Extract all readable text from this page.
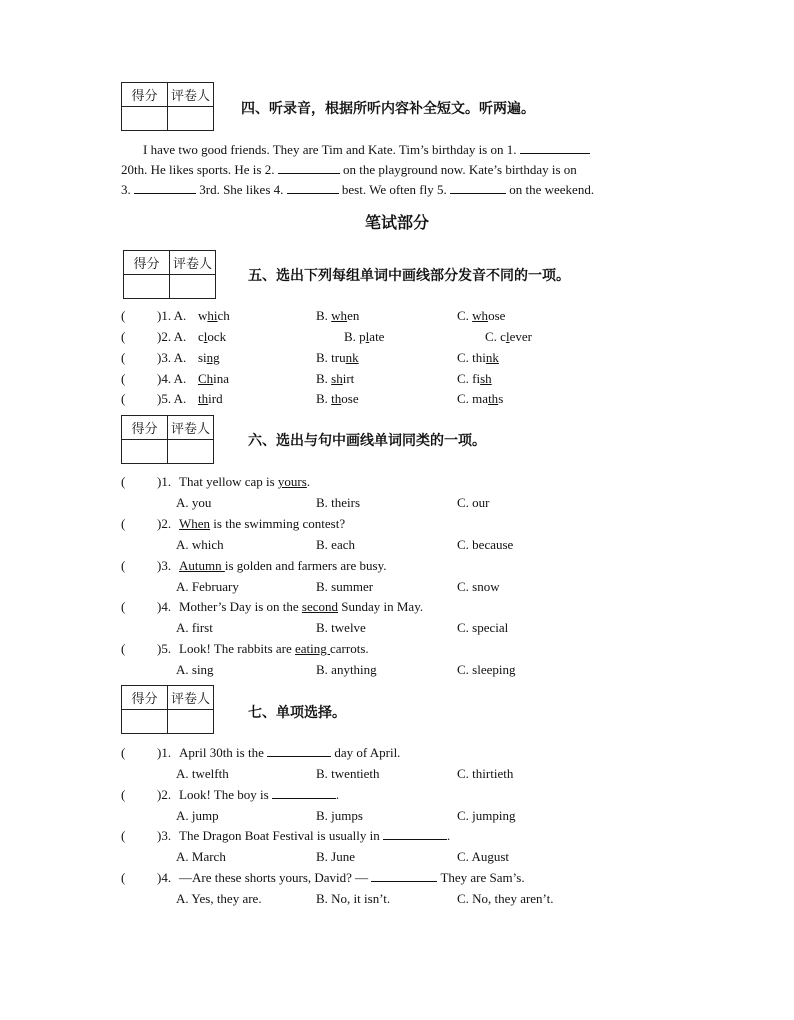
得分	评卷人

四、听录音，根据所听内容补全短文。听两遍。
I have two good friends. They are Tim and Kate. Tim’s birthday is on 1.
20th. He likes sports. He is 2.	on the playground now. Kate’s birthday is on
3.	3rd. She likes 4.	best. We often fly 5.	on the weekend.
笔试部分
得分	评卷人

五、选出下列每组单词中画线部分发音不同的一项。
得分	评卷人

六、选出与句中画线单词同类的一项。
得分	评卷人

七、单项选择。
( )1. A. which	B. when	C. whose
( )2. A. clock	B. plate	C. clever
( )3. A. sing	B. trunk	C. think
( )4. A. China	B. shirt	C. fish
( )5. A. third	B. those	C. maths
( )1. That yellow cap is yours.
A. you	B. theirs	C. our
( )2. When is the swimming contest?
A. which	B. each	C. because
( )3. Autumn is golden and farmers are busy.
A. February	B. summer	C. snow
( )4. Mother’s Day is on the second Sunday in May.
A. first	B. twelve	C. special
( )5. Look! The rabbits are eating carrots.
A. sing	B. anything	C. sleeping
( )1. April 30th is the	day of April.
A. twelfth	B. twentieth	C. thirtieth
( )2. Look! The boy is	.
A. jump	B. jumps	C. jumping
( )3. The Dragon Boat Festival is usually in	.
A. March	B. June	C. August
( )4. —Are these shorts yours, David? —	They are Sam’s.
A. Yes, they are.	B. No, it isn’t.	C. No, they aren’t.
